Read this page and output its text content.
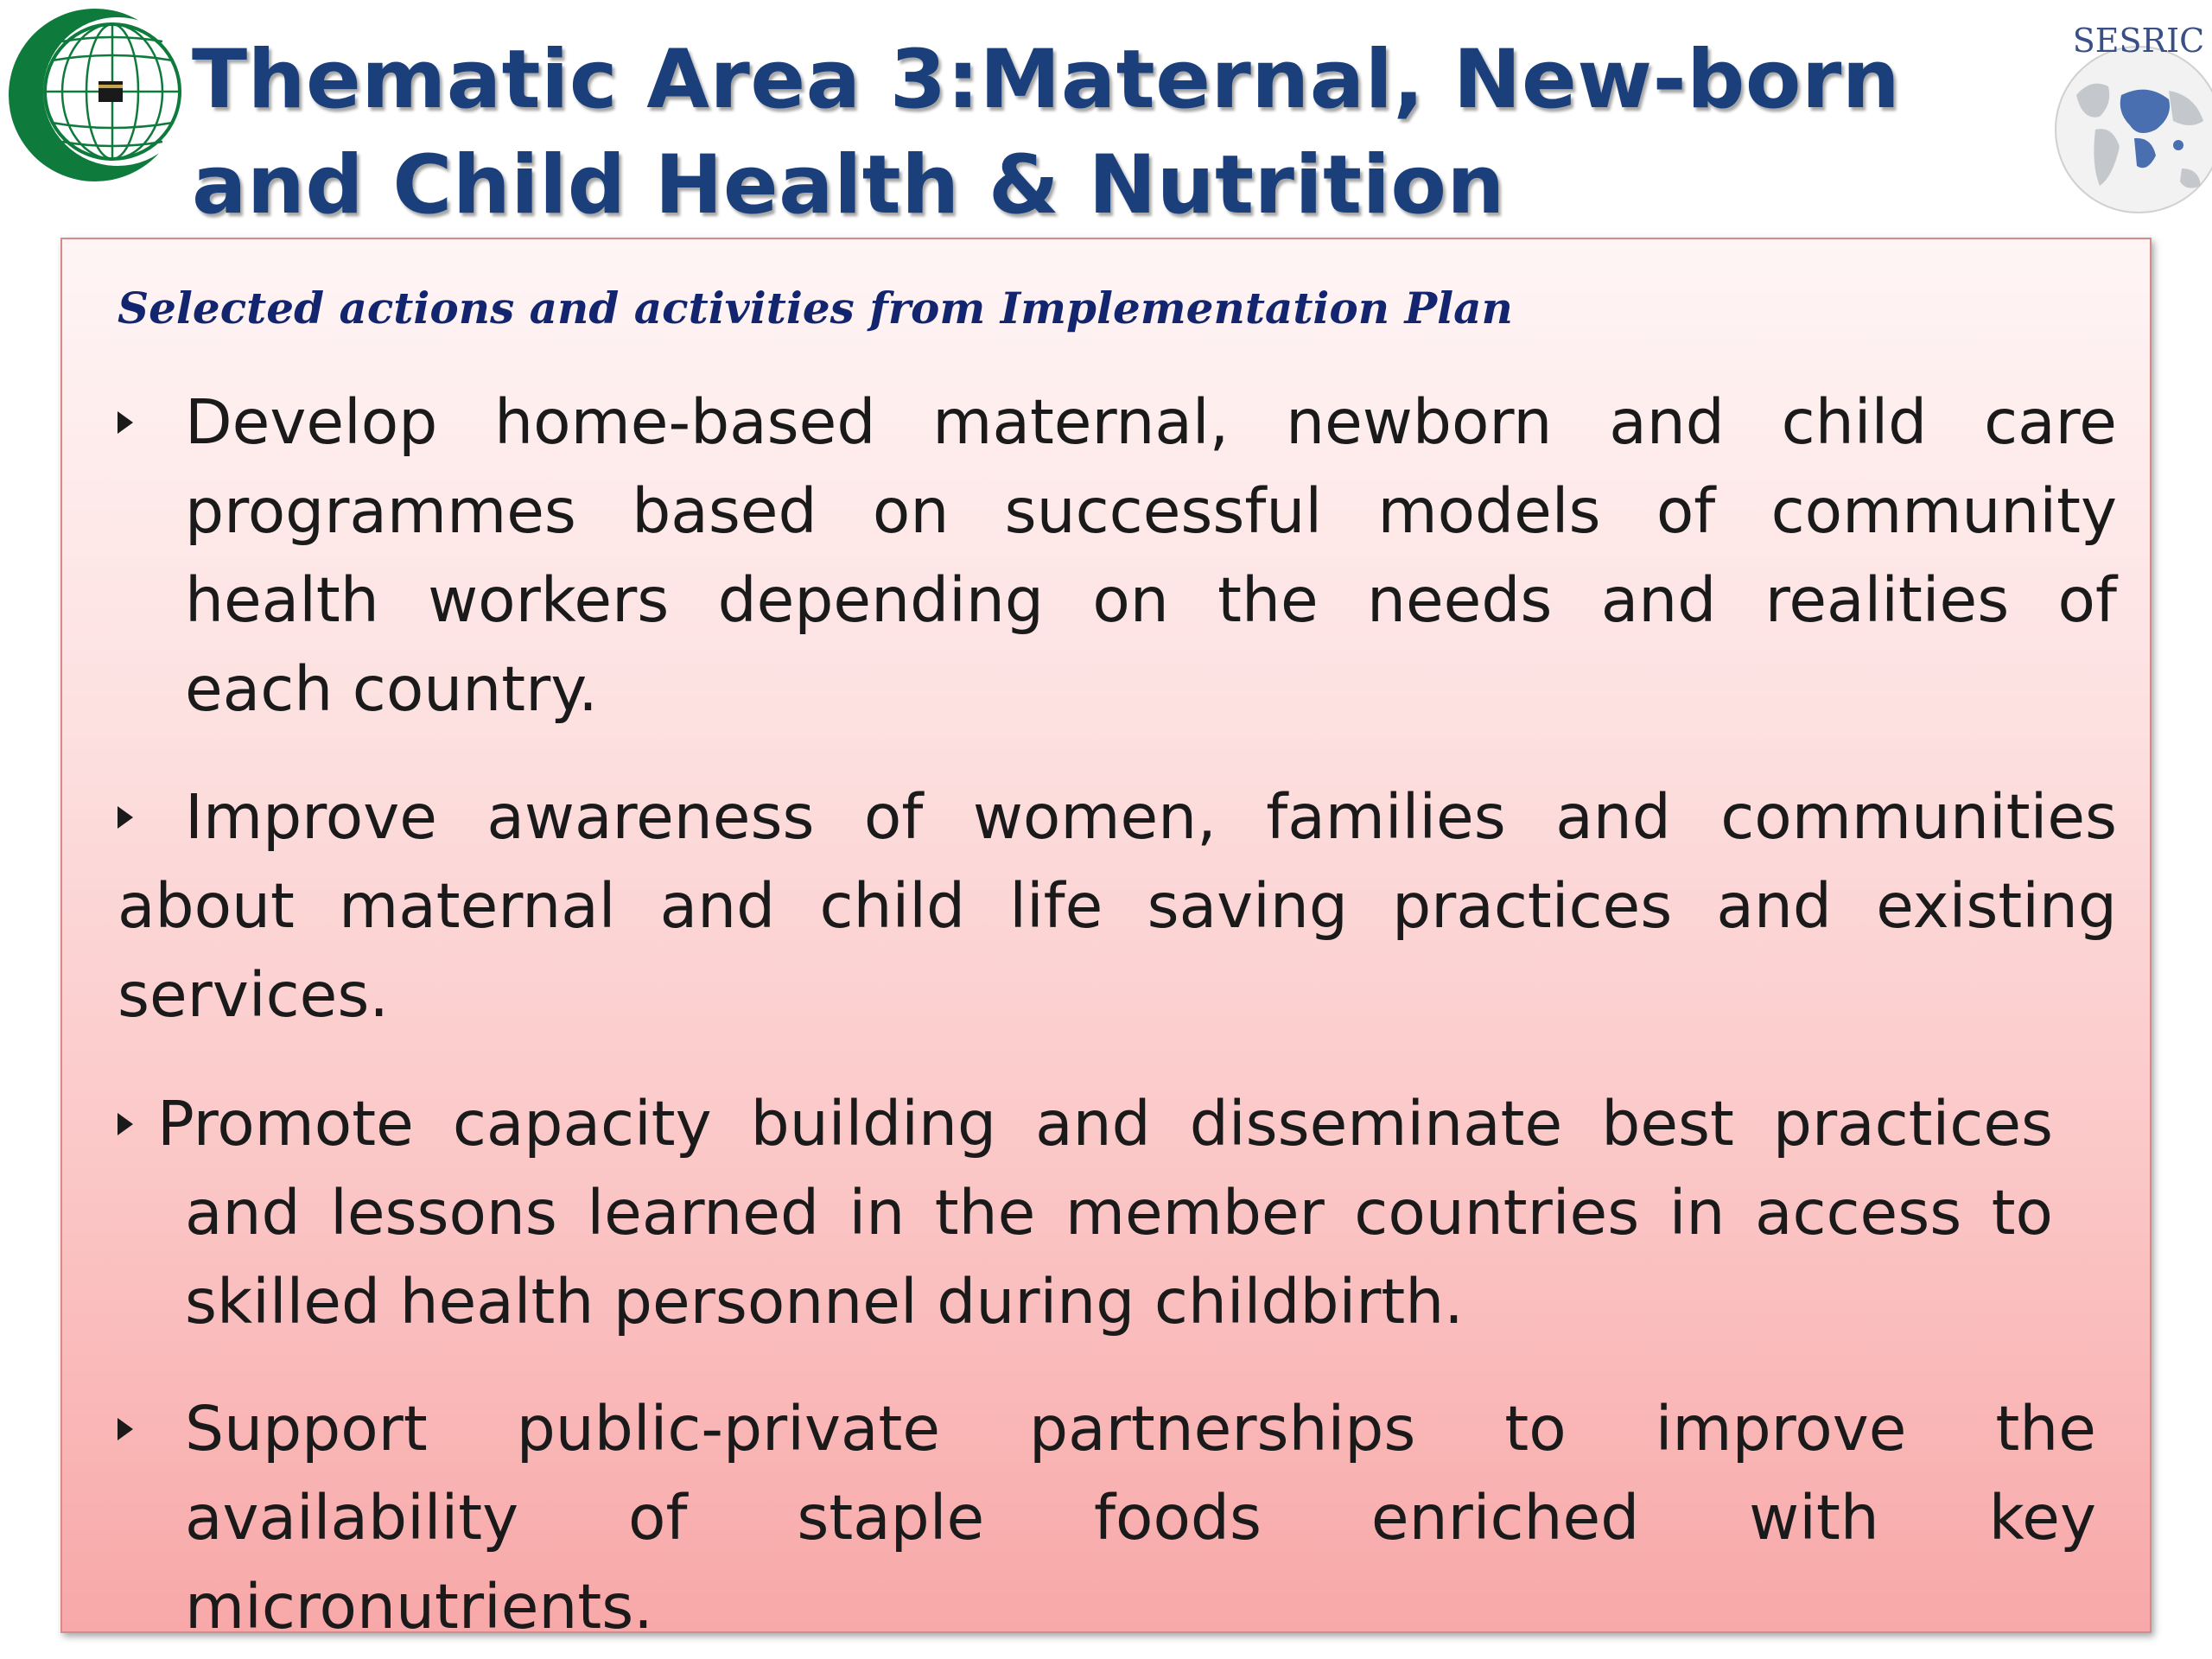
Thematic Area 3:Maternal, New-born
and Child Health & Nutrition
SESRIC

Selected actions and activities from Implementation Plan

Develop home-based maternal, newborn and child care
programmes based on successful models of community
health workers depending on the needs and realities of
each country.
Improve awareness of women, families and communities
about maternal and child life saving practices and existing
services.
Promote capacity building and disseminate best practices
and lessons learned in the member countries in access to
skilled health personnel during childbirth.
Support public-private partnerships to improve the
availability of staple foods enriched with key
micronutrients.
